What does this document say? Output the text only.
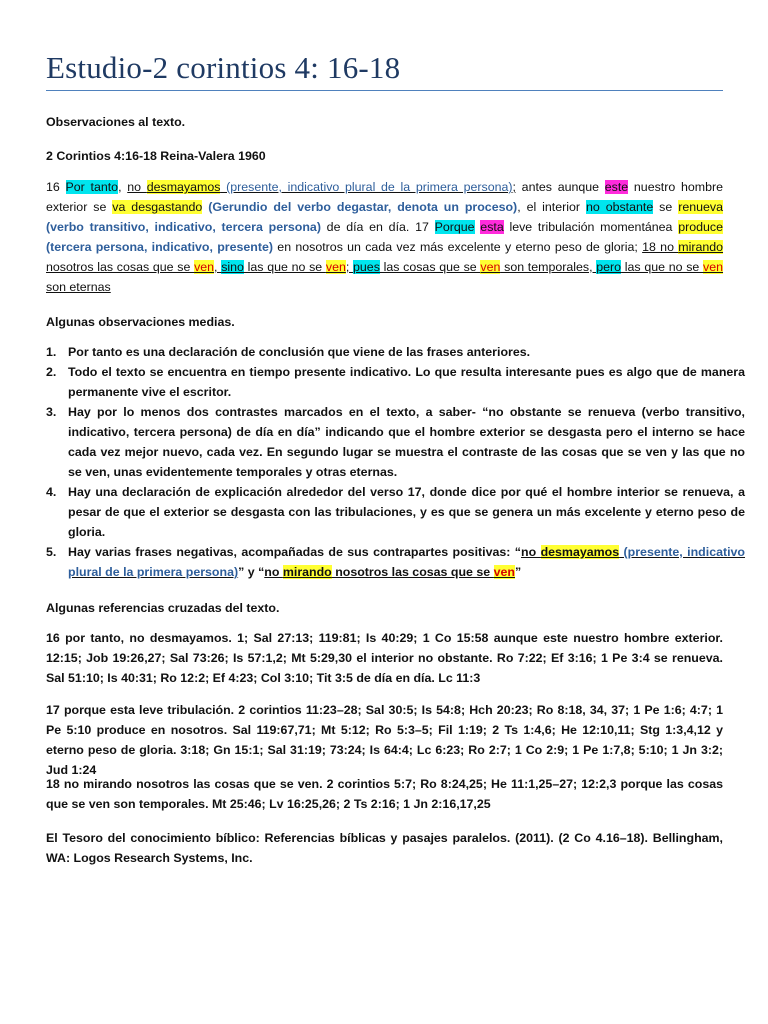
Estudio-2 corintios 4: 16-18
Observaciones al texto.
2 Corintios 4:16-18 Reina-Valera 1960
16 Por tanto, no desmayamos (presente, indicativo plural de la primera persona); antes aunque este nuestro hombre exterior se va desgastando (Gerundio del verbo degastar, denota un proceso), el interior no obstante se renueva (verbo transitivo, indicativo, tercera persona) de día en día. 17 Porque esta leve tribulación momentánea produce (tercera persona, indicativo, presente) en nosotros un cada vez más excelente y eterno peso de gloria; 18 no mirando nosotros las cosas que se ven, sino las que no se ven; pues las cosas que se ven son temporales, pero las que no se ven son eternas
Algunas observaciones medias.
1. Por tanto es una declaración de conclusión que viene de las frases anteriores.
2. Todo el texto se encuentra en tiempo presente indicativo. Lo que resulta interesante pues es algo que de manera permanente vive el escritor.
3. Hay por lo menos dos contrastes marcados en el texto, a saber- “no obstante se renueva (verbo transitivo, indicativo, tercera persona) de día en día” indicando que el hombre exterior se desgasta pero el interno se hace cada vez mejor nuevo, cada vez. En segundo lugar se muestra el contraste de las cosas que se ven y las que no se ven, unas evidentemente temporales y otras eternas.
4. Hay una declaración de explicación alrededor del verso 17, donde dice por qué el hombre interior se renueva, a pesar de que el exterior se desgasta con las tribulaciones, y es que se genera un más excelente y eterno peso de gloria.
5. Hay varias frases negativas, acompañadas de sus contrapartes positivas: “no desmayamos (presente, indicativo plural de la primera persona)” y “no mirando nosotros las cosas que se ven”
Algunas referencias cruzadas del texto.
16 por tanto, no desmayamos. 1; Sal 27:13; 119:81; Is 40:29; 1 Co 15:58 aunque este nuestro hombre exterior. 12:15; Job 19:26,27; Sal 73:26; Is 57:1,2; Mt 5:29,30 el interior no obstante. Ro 7:22; Ef 3:16; 1 Pe 3:4 se renueva. Sal 51:10; Is 40:31; Ro 12:2; Ef 4:23; Col 3:10; Tit 3:5 de día en día. Lc 11:3
17 porque esta leve tribulación. 2 corintios 11:23–28; Sal 30:5; Is 54:8; Hch 20:23; Ro 8:18, 34, 37; 1 Pe 1:6; 4:7; 1 Pe 5:10 produce en nosotros. Sal 119:67,71; Mt 5:12; Ro 5:3–5; Fil 1:19; 2 Ts 1:4,6; He 12:10,11; Stg 1:3,4,12 y eterno peso de gloria. 3:18; Gn 15:1; Sal 31:19; 73:24; Is 64:4; Lc 6:23; Ro 2:7; 1 Co 2:9; 1 Pe 1:7,8; 5:10; 1 Jn 3:2; Jud 1:24
18 no mirando nosotros las cosas que se ven. 2 corintios 5:7; Ro 8:24,25; He 11:1,25–27; 12:2,3 porque las cosas que se ven son temporales. Mt 25:46; Lv 16:25,26; 2 Ts 2:16; 1 Jn 2:16,17,25
El Tesoro del conocimiento bíblico: Referencias bíblicas y pasajes paralelos. (2011). (2 Co 4.16–18). Bellingham, WA: Logos Research Systems, Inc.
